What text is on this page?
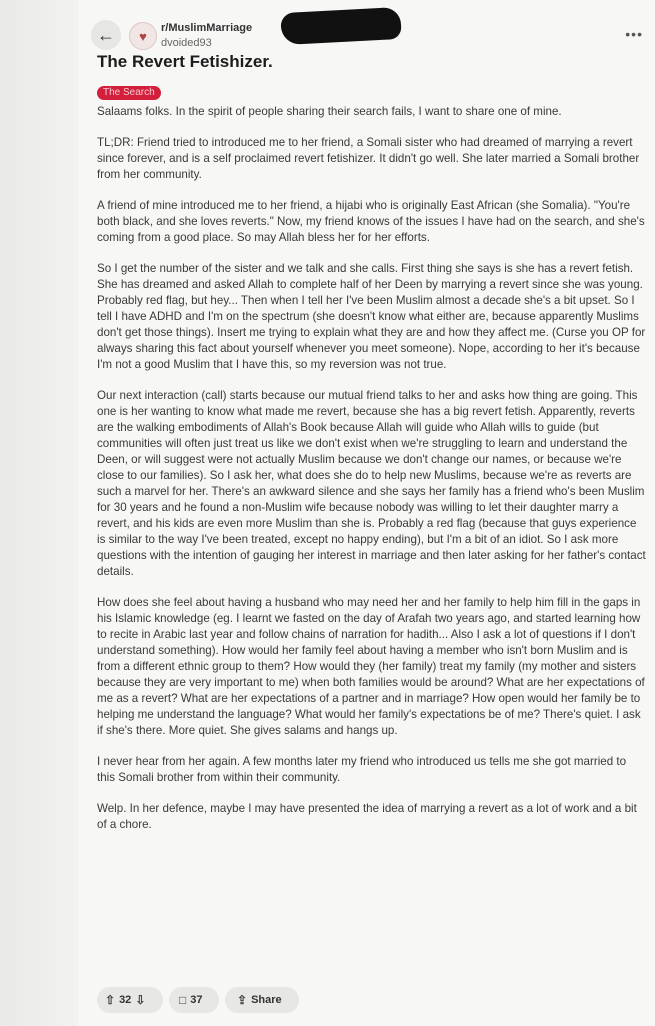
← ♥
r/MuslimMarriage
dvoided93
•••
The Revert Fetishizer.
The Search

Salaams folks. In the spirit of people sharing their search fails, I want to share one of mine.

TL;DR: Friend tried to introduced me to her friend, a Somali sister who had dreamed of marrying a revert since forever, and is a self proclaimed revert fetishizer. It didn't go well. She later married a Somali brother from her community.

A friend of mine introduced me to her friend, a hijabi who is originally East African (she Somalia). "You're both black, and she loves reverts." Now, my friend knows of the issues I have had on the search, and she's coming from a good place. So may Allah bless her for her efforts.

So I get the number of the sister and we talk and she calls. First thing she says is she has a revert fetish. She has dreamed and asked Allah to complete half of her Deen by marrying a revert since she was young. Probably red flag, but hey... Then when I tell her I've been Muslim almost a decade she's a bit upset. So I tell I have ADHD and I'm on the spectrum (she doesn't know what either are, because apparently Muslims don't get those things). Insert me trying to explain what they are and how they affect me. (Curse you OP for always sharing this fact about yourself whenever you meet someone). Nope, according to her it's because I'm not a good Muslim that I have this, so my reversion was not true.

Our next interaction (call) starts because our mutual friend talks to her and asks how thing are going. This one is her wanting to know what made me revert, because she has a big revert fetish. Apparently, reverts are the walking embodiments of Allah's Book because Allah will guide who Allah wills to guide (but communities will often just treat us like we don't exist when we're struggling to learn and understand the Deen, or will suggest were not actually Muslim because we don't change our names, or because we're close to our families). So I ask her, what does she do to help new Muslims, because we're as reverts are such a marvel for her. There's an awkward silence and she says her family has a friend who's been Muslim for 30 years and he found a non-Muslim wife because nobody was willing to let their daughter marry a revert, and his kids are even more Muslim than she is. Probably a red flag (because that guys experience is similar to the way I've been treated, except no happy ending), but I'm a bit of an idiot. So I ask more questions with the intention of gauging her interest in marriage and then later asking for her father's contact details.

How does she feel about having a husband who may need her and her family to help him fill in the gaps in his Islamic knowledge (eg. I learnt we fasted on the day of Arafah two years ago, and started learning how to recite in Arabic last year and follow chains of narration for hadith... Also I ask a lot of questions if I don't understand something). How would her family feel about having a member who isn't born Muslim and is from a different ethnic group to them? How would they (her family) treat my family (my mother and sisters because they are very important to me) when both families would be around? What are her expectations of me as a revert? What are her expectations of a partner and in marriage? How open would her family be to helping me understand the language? What would her family's expectations be of me? There's quiet. I ask if she's there. More quiet. She gives salams and hangs up.

I never hear from her again. A few months later my friend who introduced us tells me she got married to this Somali brother from within their community.

Welp. In her defence, maybe I may have presented the idea of marrying a revert as a lot of work and a bit of a chore.

⇧ 32 ⇩	□ 37	⇪ Share
